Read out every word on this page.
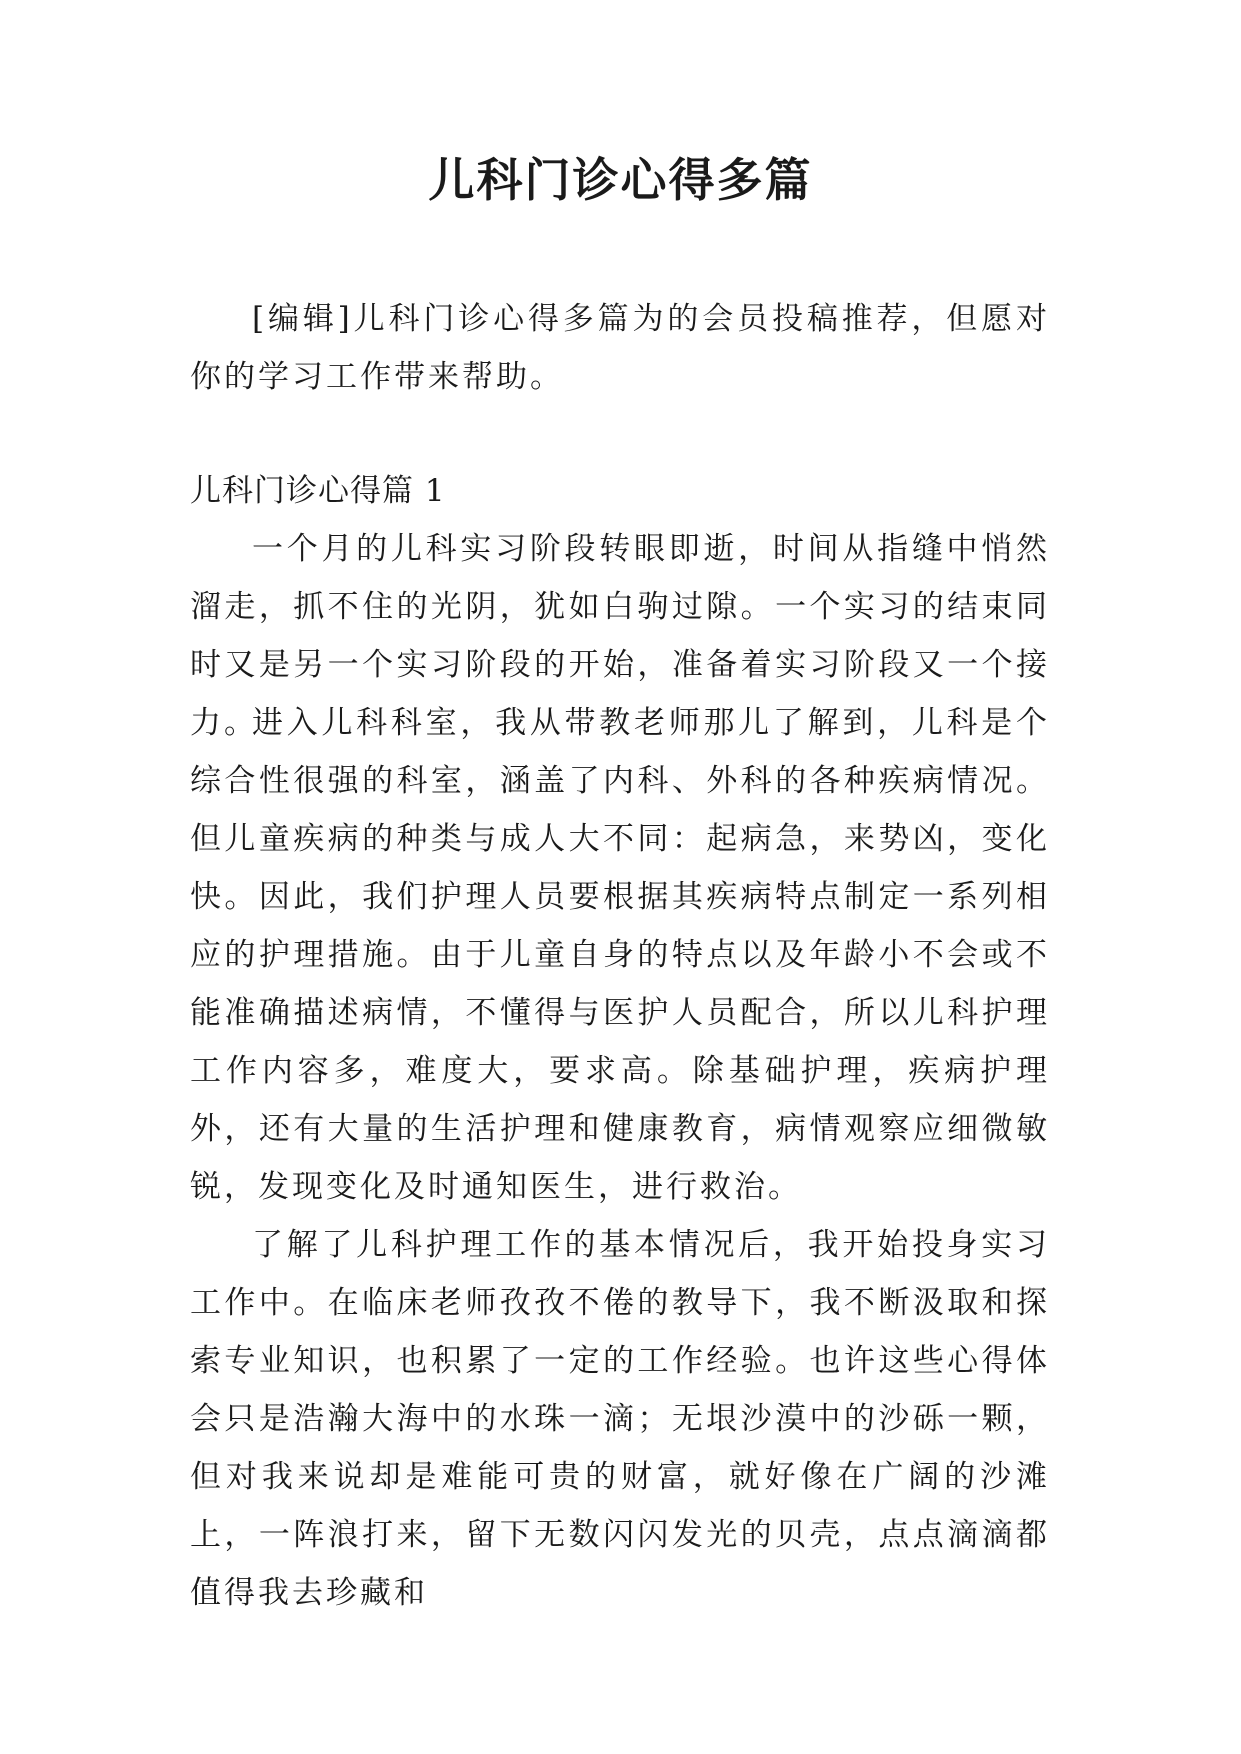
儿科门诊心得多篇

[编辑]儿科门诊心得多篇为的会员投稿推荐，但愿对你的学习工作带来帮助。

儿科门诊心得篇 1

一个月的儿科实习阶段转眼即逝，时间从指缝中悄然溜走，抓不住的光阴，犹如白驹过隙。一个实习的结束同时又是另一个实习阶段的开始，准备着实习阶段又一个接力。

进入儿科科室，我从带教老师那儿了解到，儿科是个综合性很强的科室，涵盖了内科、外科的各种疾病情况。但儿童疾病的种类与成人大不同：起病急，来势凶，变化快。因此，我们护理人员要根据其疾病特点制定一系列相应的护理措施。由于儿童自身的特点以及年龄小不会或不能准确描述病情，不懂得与医护人员配合，所以儿科护理工作内容多，难度大，要求高。除基础护理，疾病护理外，还有大量的生活护理和健康教育，病情观察应细微敏锐，发现变化及时通知医生，进行救治。

了解了儿科护理工作的基本情况后，我开始投身实习工作中。在临床老师孜孜不倦的教导下，我不断汲取和探索专业知识，也积累了一定的工作经验。也许这些心得体会只是浩瀚大海中的水珠一滴；无垠沙漠中的沙砾一颗，但对我来说却是难能可贵的财富，就好像在广阔的沙滩上，一阵浪打来，留下无数闪闪发光的贝壳，点点滴滴都值得我去珍藏和
